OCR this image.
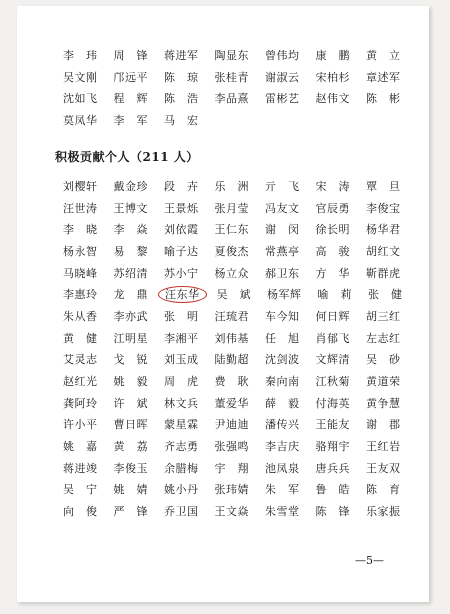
李　玮	周　锋	蒋进军	陶显东	曾伟均	康　鹏	黄　立
吴文刚	邝远平	陈　琼	张桂青	谢淑云	宋柏杉	章述军
沈如飞	程　辉	陈　浩	李品熹	雷彬艺	赵伟文	陈　彬
莫凤华	李　军	马　宏
积极贡献个人（211 人）
刘樱轩	戴金珍	段　卉	乐　洲	亓　飞	宋　涛	覃　旦
汪世涛	王博文	王景烁	张月莹	冯友文	官辰勇	李俊宝
李　晓	李　焱	刘依霞	王仁东	谢　闵	徐长明	杨华君
杨永智	易　黎	喻子达	夏俊杰	常燕亭	高　骏	胡红文
马晓峰	苏绍清	苏小宁	杨立众	郝卫东	方　华	靳群虎
李惠玲	龙　鼎	汪东华	吴　斌	杨军辉	喻　莉	张　健
朱从香	李亦武	张　明	汪琉君	车今知	何日辉	胡三红
黄　健	江明星	李湘平	刘伟基	任　旭	肖郁飞	左志红
艾灵志	戈　锐	刘玉成	陆勤超	沈剑波	文辉清	吴　砂
赵红光	姚　毅	周　虎	费　耿	秦向南	江秋菊	黄道荣
龚阿玲	许　斌	林文兵	董爱华	薛　毅	付海英	黄争慧
许小平	曹日晖	蒙星霖	尹迪迪	潘传兴	王能友	谢　郡
姚　嘉	黄　荔	齐志勇	张强鸣	李吉庆	骆翔宇	王红岩
蒋进竣	李俊玉	余腊梅	宇　翔	池凤泉	唐兵兵	王友双
吴　宁	姚　婧	姚小丹	张玮婧	朱　军	鲁　皓	陈　育
向　俊	严　锋	乔卫国	王文焱	朱雪堂	陈　锋	乐家振
—5—
